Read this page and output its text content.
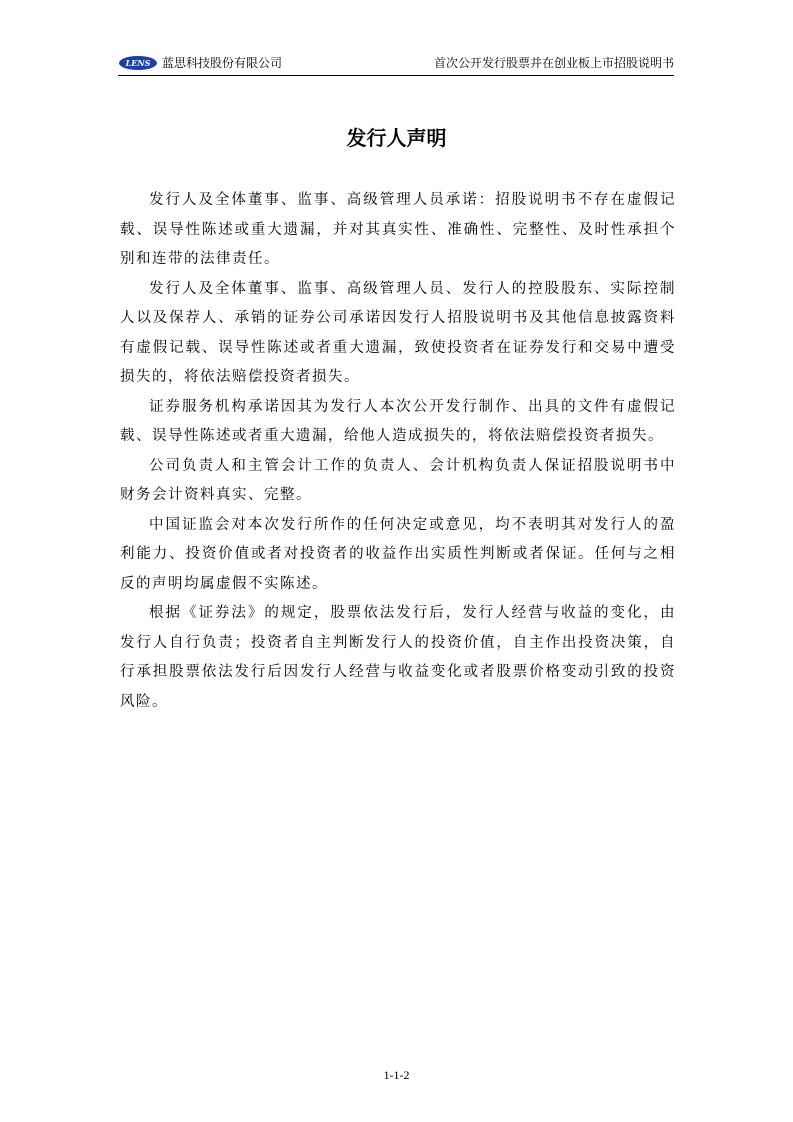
LENS 蓝思科技股份有限公司	首次公开发行股票并在创业板上市招股说明书
发行人声明

发行人及全体董事、监事、高级管理人员承诺：招股说明书不存在虚假记载、误导性陈述或重大遗漏，并对其真实性、准确性、完整性、及时性承担个别和连带的法律责任。

发行人及全体董事、监事、高级管理人员、发行人的控股股东、实际控制人以及保荐人、承销的证券公司承诺因发行人招股说明书及其他信息披露资料有虚假记载、误导性陈述或者重大遗漏，致使投资者在证券发行和交易中遭受损失的，将依法赔偿投资者损失。

证券服务机构承诺因其为发行人本次公开发行制作、出具的文件有虚假记载、误导性陈述或者重大遗漏，给他人造成损失的，将依法赔偿投资者损失。

公司负责人和主管会计工作的负责人、会计机构负责人保证招股说明书中财务会计资料真实、完整。

中国证监会对本次发行所作的任何决定或意见，均不表明其对发行人的盈利能力、投资价值或者对投资者的收益作出实质性判断或者保证。任何与之相反的声明均属虚假不实陈述。

根据《证券法》的规定，股票依法发行后，发行人经营与收益的变化，由发行人自行负责；投资者自主判断发行人的投资价值，自主作出投资决策，自行承担股票依法发行后因发行人经营与收益变化或者股票价格变动引致的投资风险。

1-1-2
